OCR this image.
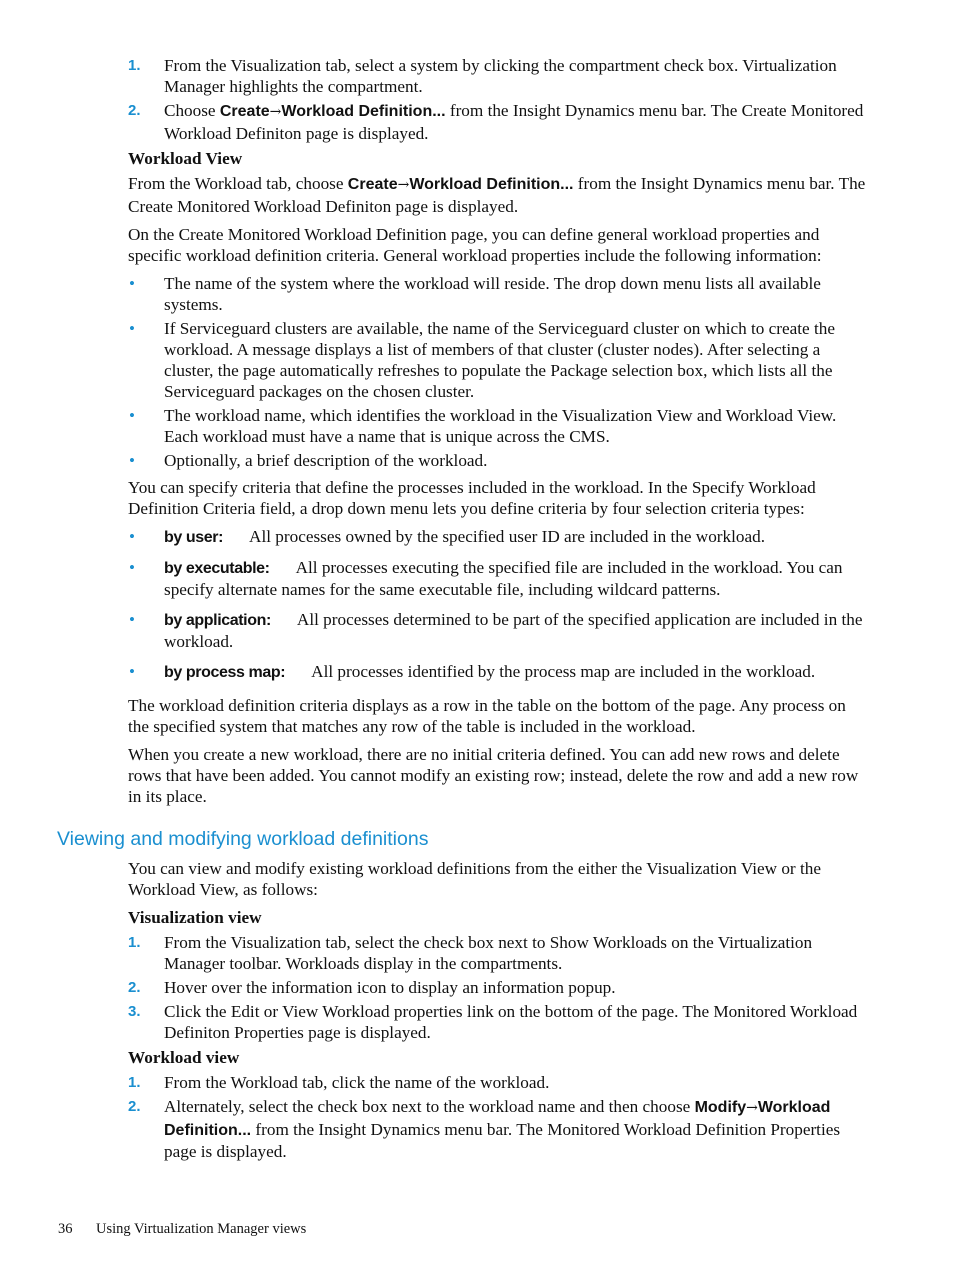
1. From the Visualization tab, select a system by clicking the compartment check box. Virtualization Manager highlights the compartment.
2. Choose Create→Workload Definition... from the Insight Dynamics menu bar. The Create Monitored Workload Definiton page is displayed.
Workload View

From the Workload tab, choose Create→Workload Definition... from the Insight Dynamics menu bar. The Create Monitored Workload Definiton page is displayed.

On the Create Monitored Workload Definition page, you can define general workload properties and specific workload definition criteria. General workload properties include the following information:

• The name of the system where the workload will reside. The drop down menu lists all available systems.
• If Serviceguard clusters are available, the name of the Serviceguard cluster on which to create the workload. A message displays a list of members of that cluster (cluster nodes). After selecting a cluster, the page automatically refreshes to populate the Package selection box, which lists all the Serviceguard packages on the chosen cluster.
• The workload name, which identifies the workload in the Visualization View and Workload View. Each workload must have a name that is unique across the CMS.
• Optionally, a brief description of the workload.

You can specify criteria that define the processes included in the workload. In the Specify Workload Definition Criteria field, a drop down menu lets you define criteria by four selection criteria types:

• by user: All processes owned by the specified user ID are included in the workload.
• by executable: All processes executing the specified file are included in the workload. You can specify alternate names for the same executable file, including wildcard patterns.
• by application: All processes determined to be part of the specified application are included in the workload.
• by process map: All processes identified by the process map are included in the workload.

The workload definition criteria displays as a row in the table on the bottom of the page. Any process on the specified system that matches any row of the table is included in the workload.

When you create a new workload, there are no initial criteria defined. You can add new rows and delete rows that have been added. You cannot modify an existing row; instead, delete the row and add a new row in its place.

Viewing and modifying workload definitions

You can view and modify existing workload definitions from the either the Visualization View or the Workload View, as follows:

Visualization view
1. From the Visualization tab, select the check box next to Show Workloads on the Virtualization Manager toolbar. Workloads display in the compartments.
2. Hover over the information icon to display an information popup.
3. Click the Edit or View Workload properties link on the bottom of the page. The Monitored Workload Definiton Properties page is displayed.
Workload view
1. From the Workload tab, click the name of the workload.
2. Alternately, select the check box next to the workload name and then choose Modify→Workload Definition... from the Insight Dynamics menu bar. The Monitored Workload Definition Properties page is displayed.
36 Using Virtualization Manager views
